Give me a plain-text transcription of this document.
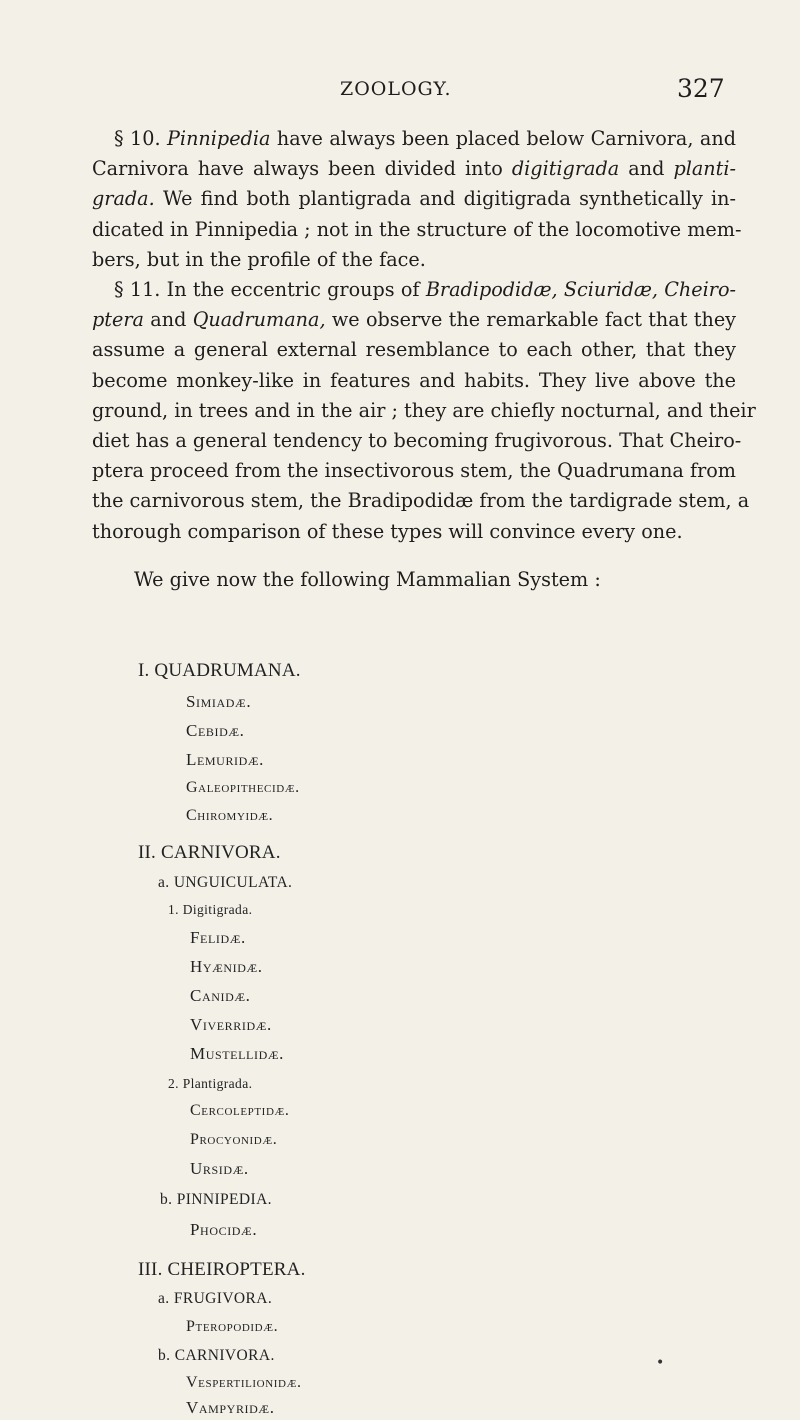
ZOOLOGY.	327

§ 10. Pinnipedia have always been placed below Carnivora, and
Carnivora have always been divided into digitigrada and planti-
grada. We find both plantigrada and digitigrada synthetically in-
dicated in Pinnipedia ; not in the structure of the locomotive mem-
bers, but in the profile of the face.

§ 11. In the eccentric groups of Bradipodidæ, Sciuridæ, Cheiro-
ptera and Quadrumana, we observe the remarkable fact that they
assume a general external resemblance to each other, that they
become monkey-like in features and habits. They live above the
ground, in trees and in the air ; they are chiefly nocturnal, and their
diet has a general tendency to becoming frugivorous. That Cheiro-
ptera proceed from the insectivorous stem, the Quadrumana from
the carnivorous stem, the Bradipodidæ from the tardigrade stem, a
thorough comparison of these types will convince every one.

We give now the following Mammalian System :
I. QUADRUMANA.
Simiadæ.
Cebidæ.
Lemuridæ.
Galeopithecidæ.
Chiromyidæ.
II. CARNIVORA.
a. UNGUICULATA.
1. Digitigrada.
Felidæ.
Hyænidæ.
Canidæ.
Viverridæ.
Mustellidæ.
2. Plantigrada.
Cercoleptidæ.
Procyonidæ.
Ursidæ.
b. PINNIPEDIA.
Phocidæ.
III. CHEIROPTERA.
a. FRUGIVORA.
Pteropodidæ.
b. CARNIVORA.
Vespertilionidæ.
Vampyridæ.
•
